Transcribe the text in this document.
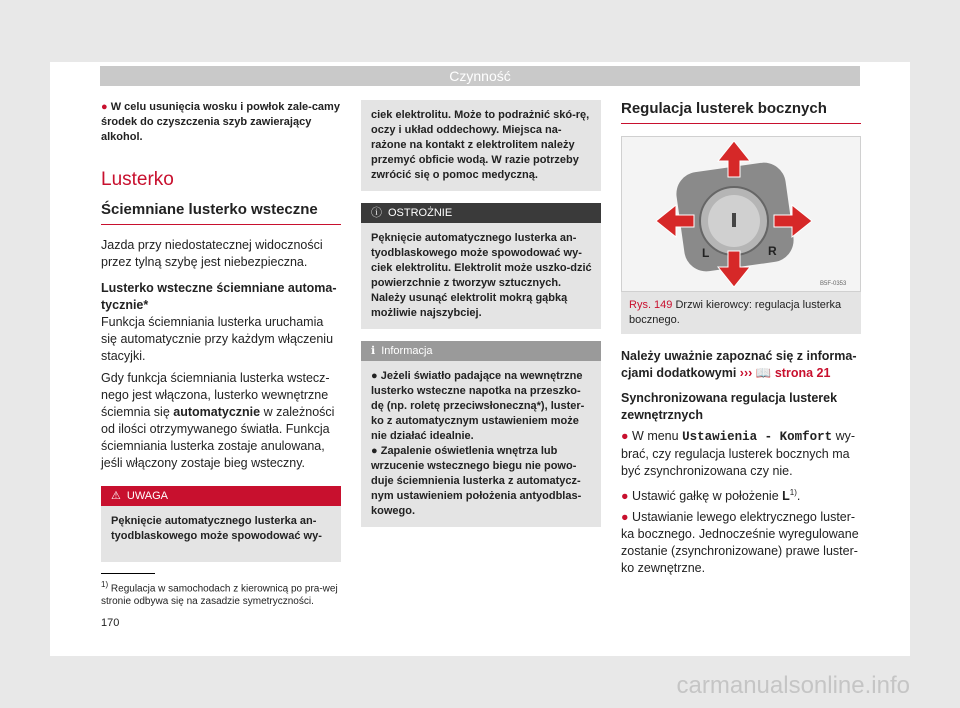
Czynność

● W celu usunięcia wosku i powłok zale-camy środek do czyszczenia szyb zawierający alkohol.

Lusterko
Ściemniane lusterko wsteczne

Jazda przy niedostatecznej widoczności przez tylną szybę jest niebezpieczna.

Lusterko wsteczne ściemniane automa-tycznie*

Funkcja ściemniania lusterka uruchamia się automatycznie przy każdym włączeniu stacyjki.

Gdy funkcja ściemniania lusterka wstecz-nego jest włączona, lusterko wewnętrzne ściemnia się automatycznie w zależności od ilości otrzymywanego światła. Funkcja ściemniania lusterka zostaje anulowana, jeśli włączony zostaje bieg wsteczny.

⚠ UWAGA

Pęknięcie automatycznego lusterka an-tyodblaskowego może spowodować wy-

ciek elektrolitu. Może to podrażnić skó-rę, oczy i układ oddechowy. Miejsca na-rażone na kontakt z elektrolitem należy przemyć obficie wodą. W razie potrzeby zwrócić się o pomoc medyczną.

ⓘ OSTROŻNIE

Pęknięcie automatycznego lusterka an-tyodblaskowego może spowodować wy-ciek elektrolitu. Elektrolit może uszko-dzić powierzchnie z tworzyw sztucznych. Należy usunąć elektrolit mokrą gąbką możliwie najszybciej.

ℹ Informacja

● Jeżeli światło padające na wewnętrzne lusterko wsteczne napotka na przeszko-dę (np. roletę przeciwsłoneczną*), luster-ko z automatycznym ustawieniem może nie działać idealnie.

● Zapalenie oświetlenia wnętrza lub wrzucenie wstecznego biegu nie powo-duje ściemnienia lusterka z automatycz-nym ustawieniem położenia antyodblas-kowego.

Regulacja lusterek bocznych
L	R
B5F-0353
Rys. 149 Drzwi kierowcy: regulacja lusterka bocznego.

Należy uważnie zapoznać się z informa-cjami dodatkowymi ››› 📖 strona 21

Synchronizowana regulacja lusterek zewnętrznych

● W menu Ustawienia - Komfort wy-brać, czy regulacja lusterek bocznych ma być zsynchronizowana czy nie.

● Ustawić gałkę w położenie $L^{1)}$.

● Ustawianie lewego elektrycznego luster-ka bocznego. Jednocześnie wyregulowane zostanie (zsynchronizowane) prawe luster-ko zewnętrzne.

$^{1)}$ Regulacja w samochodach z kierownicą po pra-wej stronie odbywa się na zasadzie symetryczności.
170
carmanualsonline.info
